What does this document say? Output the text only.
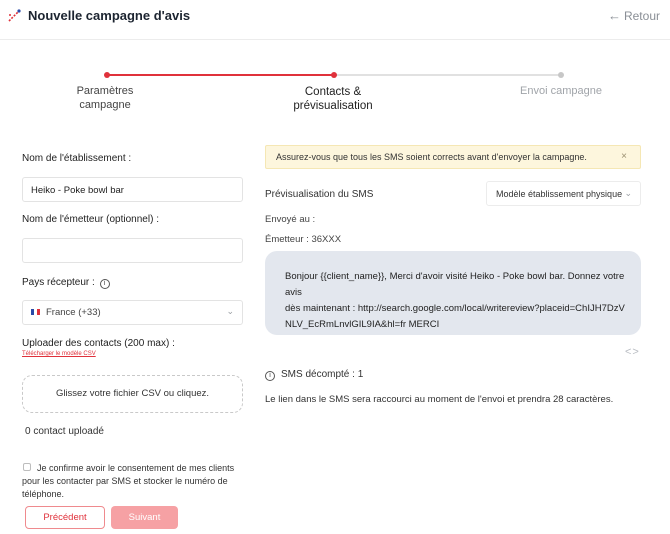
Nouvelle campagne d'avis	← Retour
Paramètres
campagne
Contacts &
prévisualisation
Envoi campagne
Nom de l'établissement :
Heiko - Poke bowl bar
Nom de l'émetteur (optionnel) :
Pays récepteur : i
France (+33)	⌄
Uploader des contacts (200 max) :
Télécharger le modèle CSV
Glissez votre fichier CSV ou cliquez.
0 contact uploadé
Je confirme avoir le consentement de mes clients pour les contacter par SMS et stocker le numéro de téléphone.
Précédent	Suivant
Assurez-vous que tous les SMS soient corrects avant d'envoyer la campagne.	×
Prévisualisation du SMS	Modèle établissement physique ⌄
Envoyé au :
Émetteur : 36XXX
Bonjour {{client_name}}, Merci d'avoir visité Heiko - Poke bowl bar. Donnez votre avis
dès maintenant : http://search.google.com/local/writereview?placeid=ChIJH7DzV
NLV_EcRmLnvlGIL9IA&hl=fr MERCI
<>
i SMS décompté : 1
Le lien dans le SMS sera raccourci au moment de l'envoi et prendra 28 caractères.
